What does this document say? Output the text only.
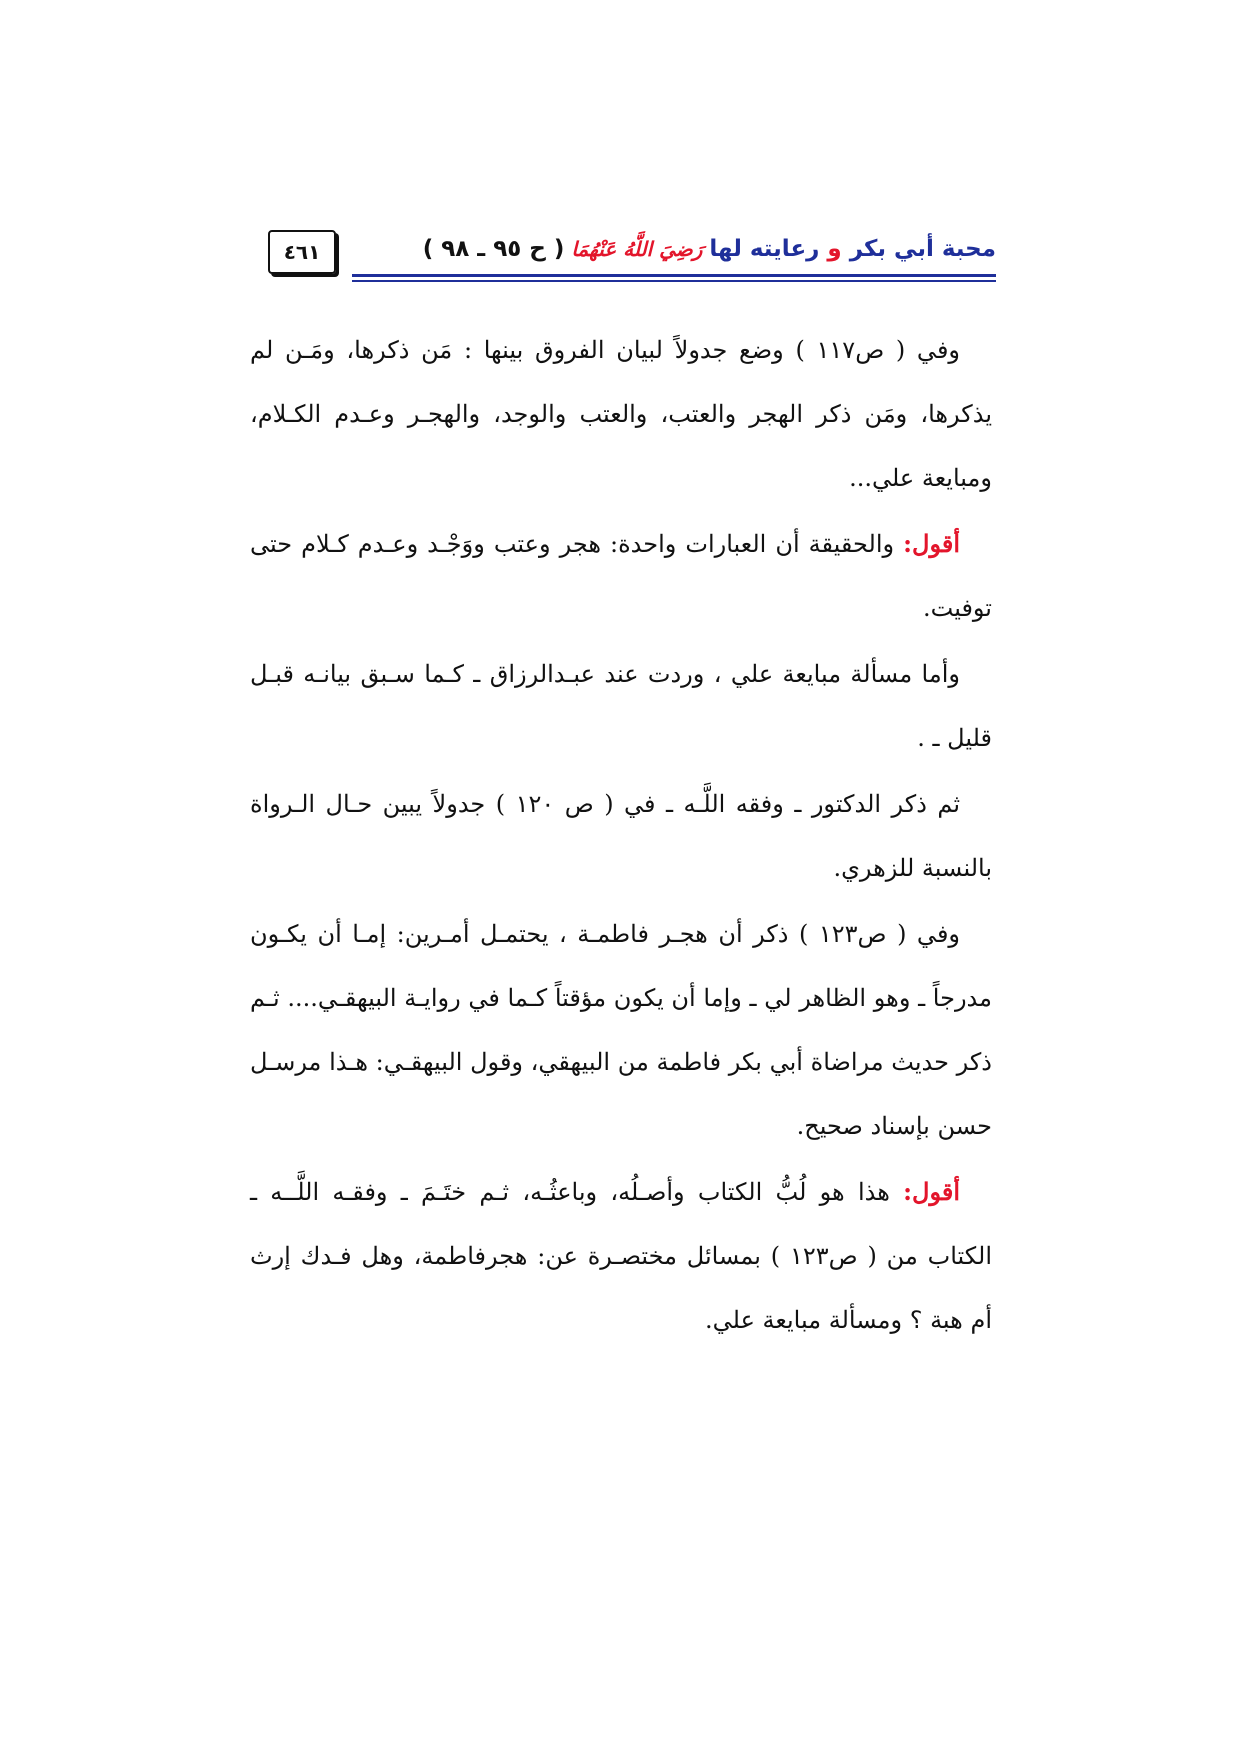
محبة أبي بكر و رعايته لها رَضِيَ اللَّهُ عَنْهُمَا ( ح ٩٥ ـ ٩٨ )
٤٦١

وفي ( ص١١٧ ) وضع جدولاً لبيان الفروق بينها : مَن ذكرها، ومَـن لم يذكرها، ومَن ذكر الهجر والعتب، والعتب والوجد، والهجـر وعـدم الكـلام، ومبايعة علي...

أقول: والحقيقة أن العبارات واحدة: هجر وعتب ووَجْـد وعـدم كـلام حتى توفيت.

وأما مسألة مبايعة علي ، وردت عند عبـدالرزاق ـ كـما سـبق بيانـه قبـل قليل ـ .

ثم ذكر الدكتور ـ وفقه اللَّـه ـ في ( ص ١٢٠ ) جدولاً يبين حـال الـرواة بالنسبة للزهري.

وفي ( ص١٢٣ ) ذكر أن هجـر فاطمـة ، يحتمـل أمـرين: إمـا أن يكـون مدرجاً ـ وهو الظاهر لي ـ وإما أن يكون مؤقتاً كـما في روايـة البيهقـي.... ثـم ذكر حديث مراضاة أبي بكر فاطمة من البيهقي، وقول البيهقـي: هـذا مرسـل حسن بإسناد صحيح.

أقول: هذا هو لُبُّ الكتاب وأصـلُه، وباعثُـه، ثـم ختَـمَ ـ وفقـه اللَّــه ـ الكتاب من ( ص١٢٣ ) بمسائل مختصـرة عن: هجرفاطمة، وهل فـدك إرث أم هبة ؟ ومسألة مبايعة علي.
